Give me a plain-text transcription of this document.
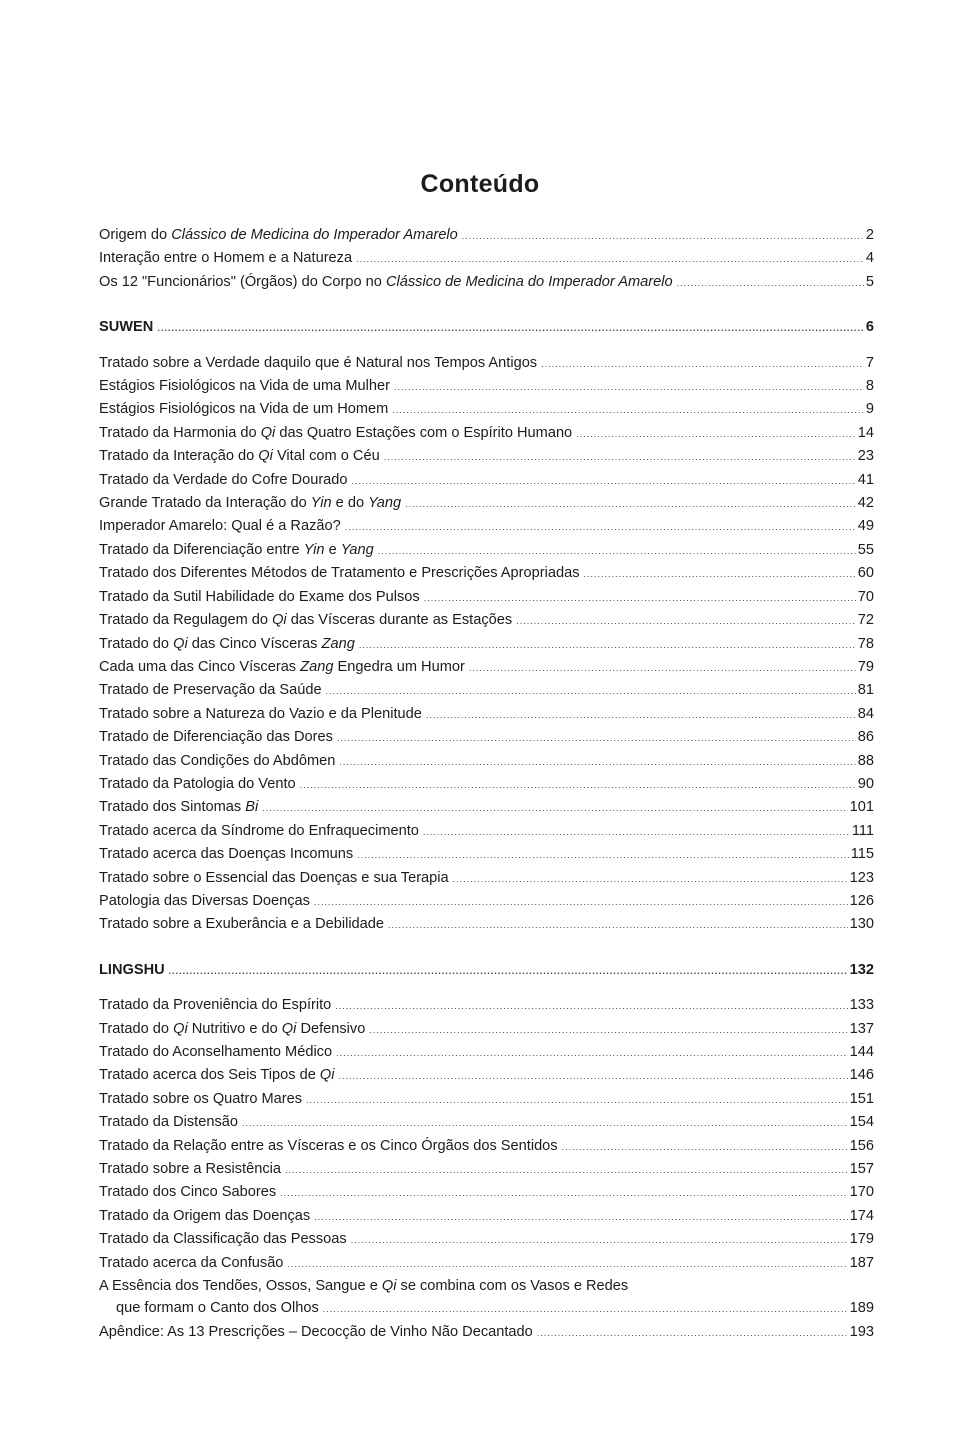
Conteúdo
Origem do Clássico de Medicina do Imperador Amarelo .....	2
Interação entre o Homem e a Natureza .....	4
Os 12 "Funcionários" (Órgãos) do Corpo no Clássico de Medicina do Imperador Amarelo .....	5
SUWEN .....	6
Tratado sobre a Verdade daquilo que é Natural nos Tempos Antigos .....	7
Estágios Fisiológicos na Vida de uma Mulher .....	8
Estágios Fisiológicos na Vida de um Homem .....	9
Tratado da Harmonia do Qi das Quatro Estações com o Espírito Humano .....	14
Tratado da Interação do Qi Vital com o Céu .....	23
Tratado da Verdade do Cofre Dourado .....	41
Grande Tratado da Interação do Yin e do Yang .....	42
Imperador Amarelo: Qual é a Razão? .....	49
Tratado da Diferenciação entre Yin e Yang .....	55
Tratado dos Diferentes Métodos de Tratamento e Prescrições Apropriadas .....	60
Tratado da Sutil Habilidade do Exame dos Pulsos .....	70
Tratado da Regulagem do Qi das Vísceras durante as Estações .....	72
Tratado do Qi das Cinco Vísceras Zang .....	78
Cada uma das Cinco Vísceras Zang Engedra um Humor .....	79
Tratado de Preservação da Saúde .....	81
Tratado sobre a Natureza do Vazio e da Plenitude .....	84
Tratado de Diferenciação das Dores .....	86
Tratado das Condições do Abdômen .....	88
Tratado da Patologia do Vento .....	90
Tratado dos Sintomas Bi .....	101
Tratado acerca da Síndrome do Enfraquecimento .....	111
Tratado acerca das Doenças Incomuns .....	115
Tratado sobre o Essencial das Doenças e sua Terapia .....	123
Patologia das Diversas Doenças .....	126
Tratado sobre a Exuberância e a Debilidade .....	130
LINGSHU .....	132
Tratado da Proveniência do Espírito .....	133
Tratado do Qi Nutritivo e do Qi Defensivo .....	137
Tratado do Aconselhamento Médico .....	144
Tratado acerca dos Seis Tipos de Qi .....	146
Tratado sobre os Quatro Mares .....	151
Tratado da Distensão .....	154
Tratado da Relação entre as Vísceras e os Cinco Órgãos dos Sentidos .....	156
Tratado sobre a Resistência .....	157
Tratado dos Cinco Sabores .....	170
Tratado da Origem das Doenças .....	174
Tratado da Classificação das Pessoas .....	179
Tratado acerca da Confusão .....	187
A Essência dos Tendões, Ossos, Sangue e Qi se combina com os Vasos e Redes
que formam o Canto dos Olhos .....	189
Apêndice: As 13 Prescrições – Decocção de Vinho Não Decantado .....	193
